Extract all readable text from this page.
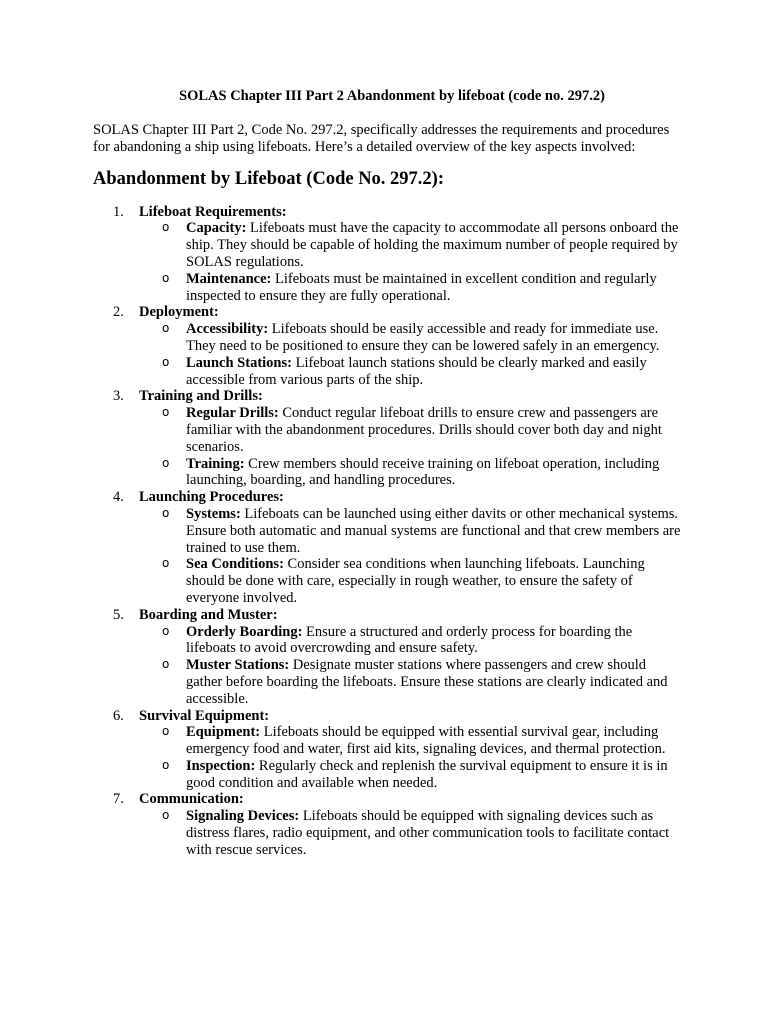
SOLAS Chapter III Part 2 Abandonment by lifeboat (code no. 297.2)

SOLAS Chapter III Part 2, Code No. 297.2, specifically addresses the requirements and procedures for abandoning a ship using lifeboats. Here’s a detailed overview of the key aspects involved:

Abandonment by Lifeboat (Code No. 297.2):
1.	Lifeboat Requirements:
o Capacity: Lifeboats must have the capacity to accommodate all persons onboard the ship. They should be capable of holding the maximum number of people required by SOLAS regulations.
o Maintenance: Lifeboats must be maintained in excellent condition and regularly inspected to ensure they are fully operational.
2.	Deployment:
o Accessibility: Lifeboats should be easily accessible and ready for immediate use. They need to be positioned to ensure they can be lowered safely in an emergency.
o Launch Stations: Lifeboat launch stations should be clearly marked and easily accessible from various parts of the ship.
3.	Training and Drills:
o Regular Drills: Conduct regular lifeboat drills to ensure crew and passengers are familiar with the abandonment procedures. Drills should cover both day and night scenarios.
o Training: Crew members should receive training on lifeboat operation, including launching, boarding, and handling procedures.
4.	Launching Procedures:
o Systems: Lifeboats can be launched using either davits or other mechanical systems. Ensure both automatic and manual systems are functional and that crew members are trained to use them.
o Sea Conditions: Consider sea conditions when launching lifeboats. Launching should be done with care, especially in rough weather, to ensure the safety of everyone involved.
5.	Boarding and Muster:
o Orderly Boarding: Ensure a structured and orderly process for boarding the lifeboats to avoid overcrowding and ensure safety.
o Muster Stations: Designate muster stations where passengers and crew should gather before boarding the lifeboats. Ensure these stations are clearly indicated and accessible.
6.	Survival Equipment:
o Equipment: Lifeboats should be equipped with essential survival gear, including emergency food and water, first aid kits, signaling devices, and thermal protection.
o Inspection: Regularly check and replenish the survival equipment to ensure it is in good condition and available when needed.
7.	Communication:
o Signaling Devices: Lifeboats should be equipped with signaling devices such as distress flares, radio equipment, and other communication tools to facilitate contact with rescue services.
